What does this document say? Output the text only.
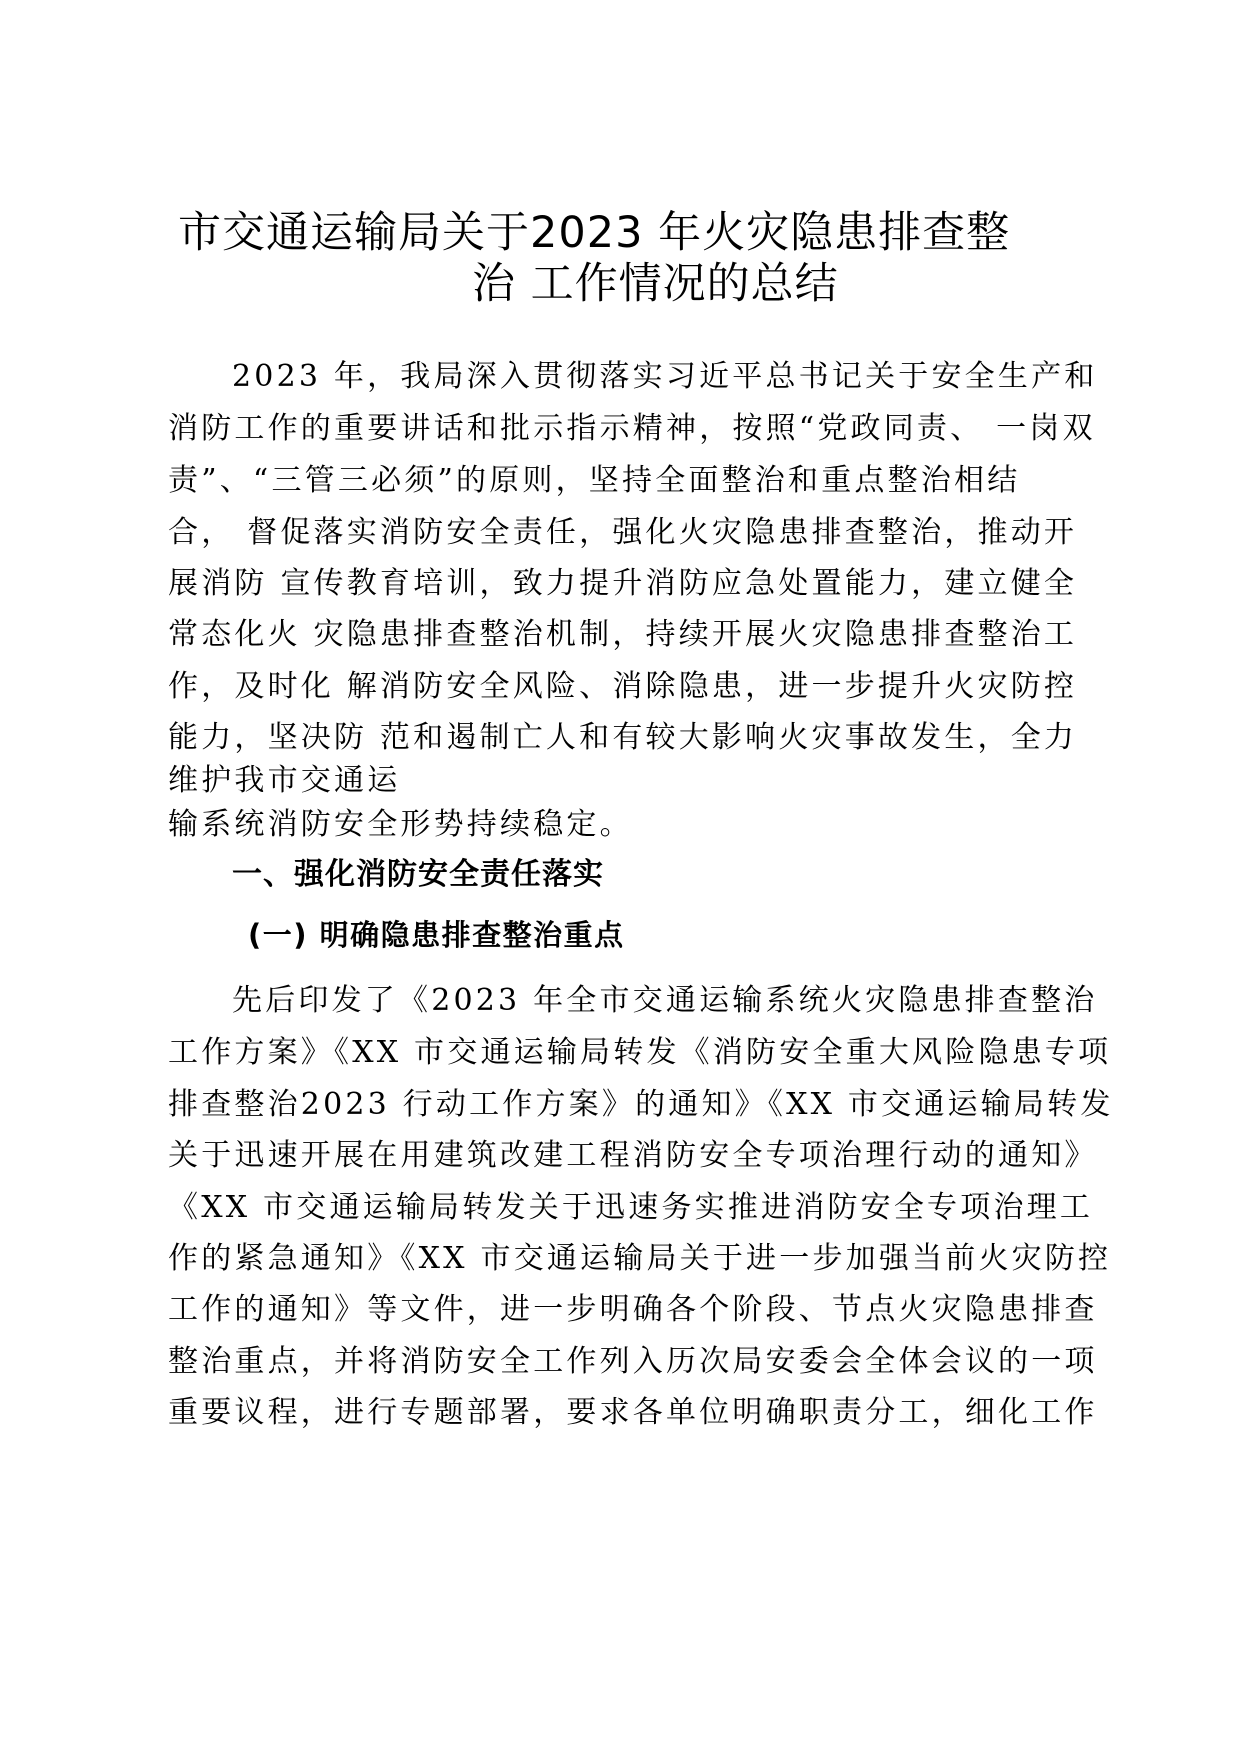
市交通运输局关于2023 年火灾隐患排查整
治 工作情况的总结
2023 年，我局深入贯彻落实习近平总书记关于安全生产和
消防工作的重要讲话和批示指示精神，按照“党政同责、 一岗双
责”、“三管三必须”的原则，坚持全面整治和重点整治相结
合， 督促落实消防安全责任，强化火灾隐患排查整治，推动开
展消防 宣传教育培训，致力提升消防应急处置能力，建立健全
常态化火 灾隐患排查整治机制，持续开展火灾隐患排查整治工
作，及时化 解消防安全风险、消除隐患，进一步提升火灾防控
能力，坚决防 范和遏制亡人和有较大影响火灾事故发生，全力
维护我市交通运
输系统消防安全形势持续稳定。
一、强化消防安全责任落实
(一) 明确隐患排查整治重点
先后印发了《2023 年全市交通运输系统火灾隐患排查整治
工作方案》《XX 市交通运输局转发《消防安全重大风险隐患专项
排查整治2023 行动工作方案》的通知》《XX 市交通运输局转发
关于迅速开展在用建筑改建工程消防安全专项治理行动的通知》
《XX 市交通运输局转发关于迅速务实推进消防安全专项治理工
作的紧急通知》《XX 市交通运输局关于进一步加强当前火灾防控
工作的通知》等文件，进一步明确各个阶段、节点火灾隐患排查
整治重点，并将消防安全工作列入历次局安委会全体会议的一项
重要议程，进行专题部署，要求各单位明确职责分工，细化工作
